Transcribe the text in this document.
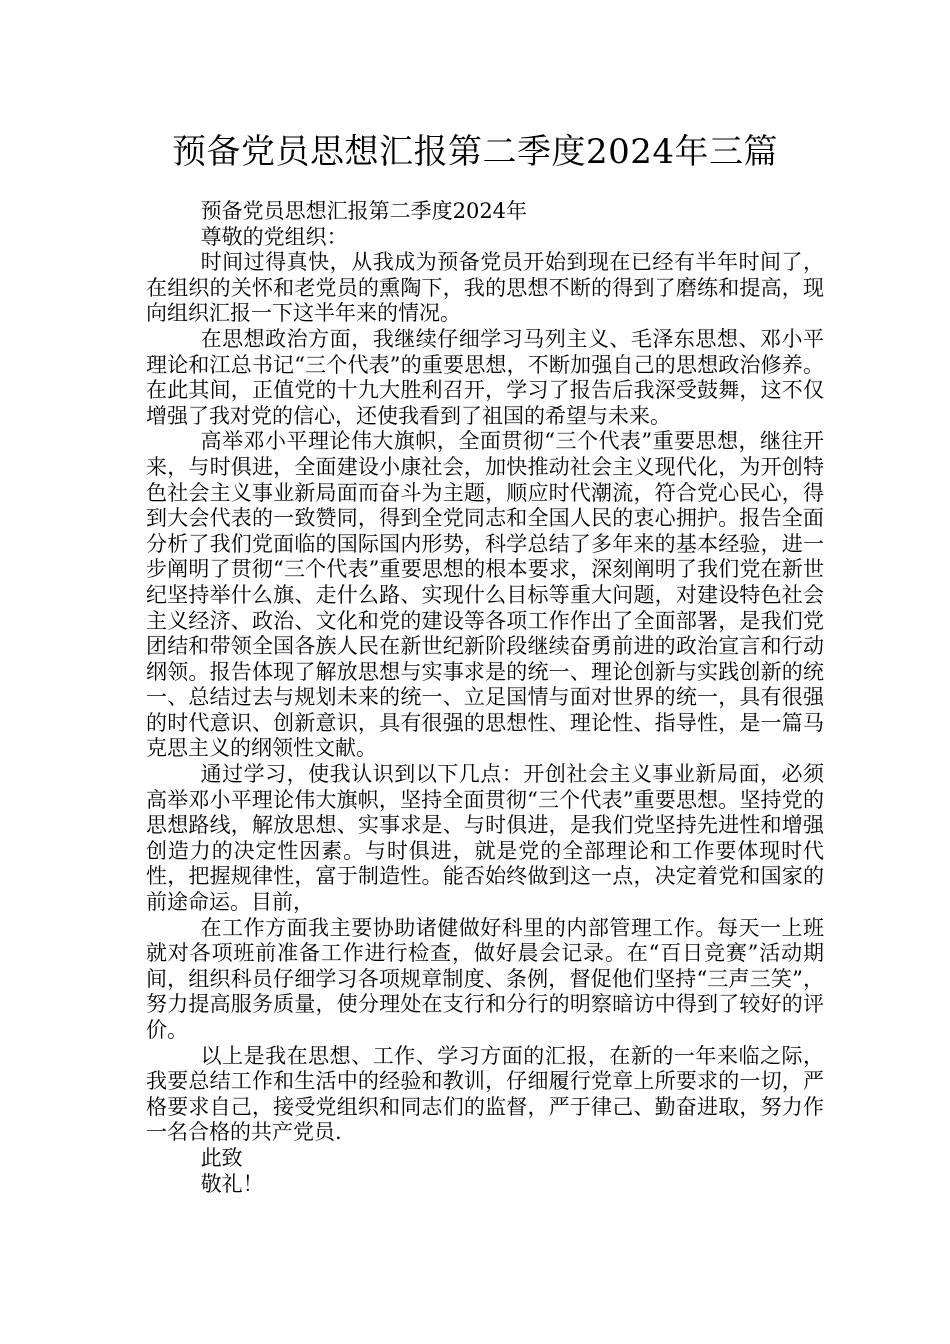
预备党员思想汇报第二季度2024年三篇

预备党员思想汇报第二季度2024年

尊敬的党组织：

时间过得真快，从我成为预备党员开始到现在已经有半年时间了，在组织的关怀和老党员的熏陶下，我的思想不断的得到了磨练和提高，现向组织汇报一下这半年来的情况。

在思想政治方面，我继续仔细学习马列主义、毛泽东思想、邓小平理论和江总书记“三个代表”的重要思想，不断加强自己的思想政治修养。在此其间，正值党的十九大胜利召开，学习了报告后我深受鼓舞，这不仅增强了我对党的信心，还使我看到了祖国的希望与未来。

高举邓小平理论伟大旗帜，全面贯彻“三个代表”重要思想，继往开来，与时俱进，全面建设小康社会，加快推动社会主义现代化，为开创特色社会主义事业新局面而奋斗为主题，顺应时代潮流，符合党心民心，得到大会代表的一致赞同，得到全党同志和全国人民的衷心拥护。报告全面分析了我们党面临的国际国内形势，科学总结了多年来的基本经验，进一步阐明了贯彻“三个代表”重要思想的根本要求，深刻阐明了我们党在新世纪坚持举什么旗、走什么路、实现什么目标等重大问题，对建设特色社会主义经济、政治、文化和党的建设等各项工作作出了全面部署，是我们党团结和带领全国各族人民在新世纪新阶段继续奋勇前进的政治宣言和行动纲领。报告体现了解放思想与实事求是的统一、理论创新与实践创新的统一、总结过去与规划未来的统一、立足国情与面对世界的统一，具有很强的时代意识、创新意识，具有很强的思想性、理论性、指导性，是一篇马克思主义的纲领性文献。

通过学习，使我认识到以下几点：开创社会主义事业新局面，必须高举邓小平理论伟大旗帜，坚持全面贯彻“三个代表”重要思想。坚持党的思想路线，解放思想、实事求是、与时俱进，是我们党坚持先进性和增强创造力的决定性因素。与时俱进，就是党的全部理论和工作要体现时代性，把握规律性，富于制造性。能否始终做到这一点，决定着党和国家的前途命运。目前，

在工作方面我主要协助诸健做好科里的内部管理工作。每天一上班就对各项班前准备工作进行检查，做好晨会记录。在“百日竞赛”活动期间，组织科员仔细学习各项规章制度、条例，督促他们坚持“三声三笑”，努力提高服务质量，使分理处在支行和分行的明察暗访中得到了较好的评价。

以上是我在思想、工作、学习方面的汇报，在新的一年来临之际，我要总结工作和生活中的经验和教训，仔细履行党章上所要求的一切，严格要求自己，接受党组织和同志们的监督，严于律己、勤奋进取，努力作一名合格的共产党员.

此致

敬礼！
